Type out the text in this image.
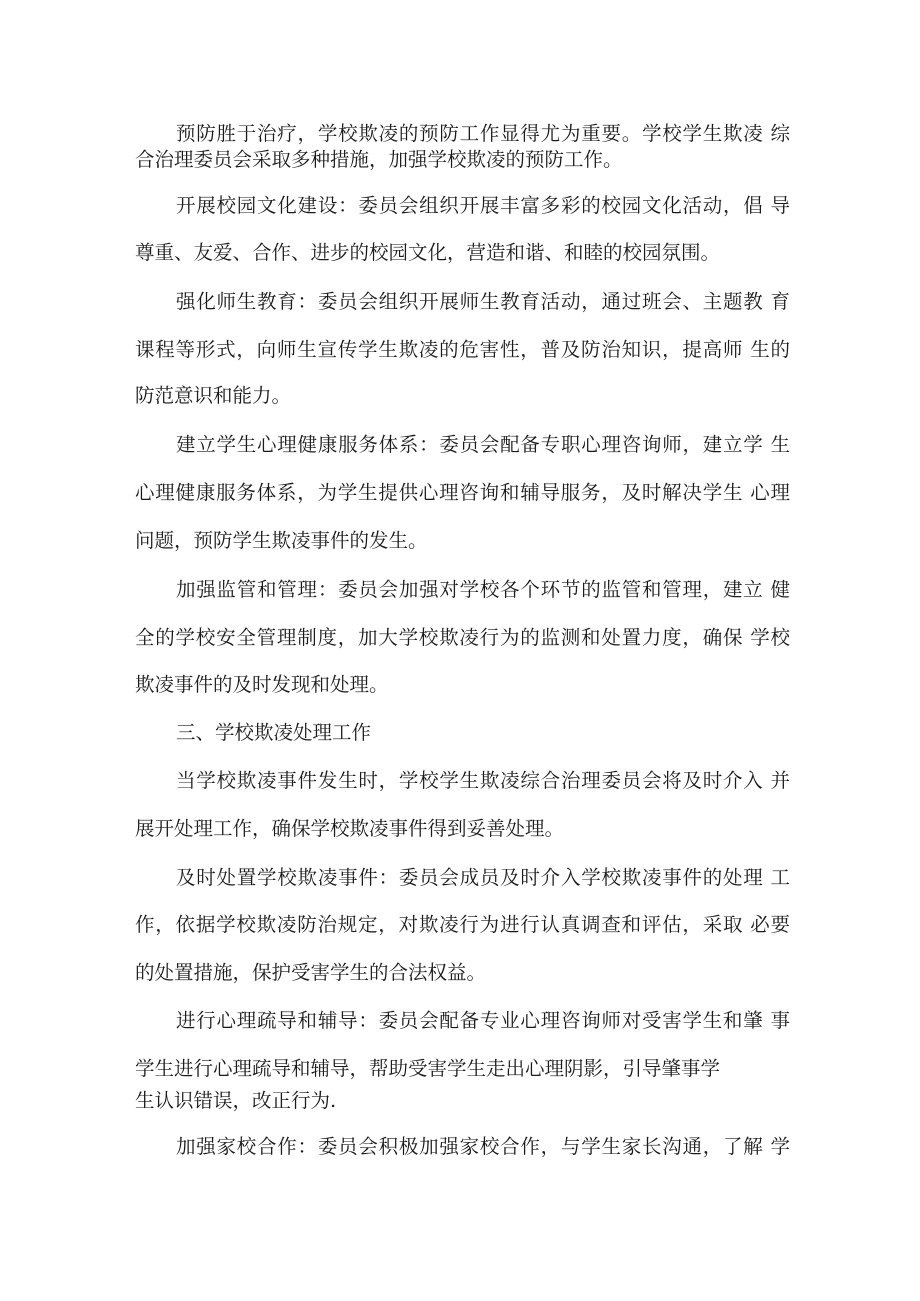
预防胜于治疗，学校欺凌的预防工作显得尤为重要。学校学生欺凌 综
合治理委员会采取多种措施，加强学校欺凌的预防工作。
开展校园文化建设：委员会组织开展丰富多彩的校园文化活动，倡 导
尊重、友爱、合作、进步的校园文化，营造和谐、和睦的校园氛围。
强化师生教育：委员会组织开展师生教育活动，通过班会、主题教 育
课程等形式，向师生宣传学生欺凌的危害性，普及防治知识，提高师 生的
防范意识和能力。
建立学生心理健康服务体系：委员会配备专职心理咨询师，建立学 生
心理健康服务体系，为学生提供心理咨询和辅导服务，及时解决学生 心理
问题，预防学生欺凌事件的发生。
加强监管和管理：委员会加强对学校各个环节的监管和管理，建立 健
全的学校安全管理制度，加大学校欺凌行为的监测和处置力度，确保 学校
欺凌事件的及时发现和处理。
三、学校欺凌处理工作
当学校欺凌事件发生时，学校学生欺凌综合治理委员会将及时介入 并
展开处理工作，确保学校欺凌事件得到妥善处理。
及时处置学校欺凌事件：委员会成员及时介入学校欺凌事件的处理 工
作，依据学校欺凌防治规定，对欺凌行为进行认真调查和评估，采取 必要
的处置措施，保护受害学生的合法权益。
进行心理疏导和辅导：委员会配备专业心理咨询师对受害学生和肇 事
学生进行心理疏导和辅导，帮助受害学生走出心理阴影，引导肇事学
生认识错误，改正行为.
加强家校合作：委员会积极加强家校合作，与学生家长沟通，了解 学
